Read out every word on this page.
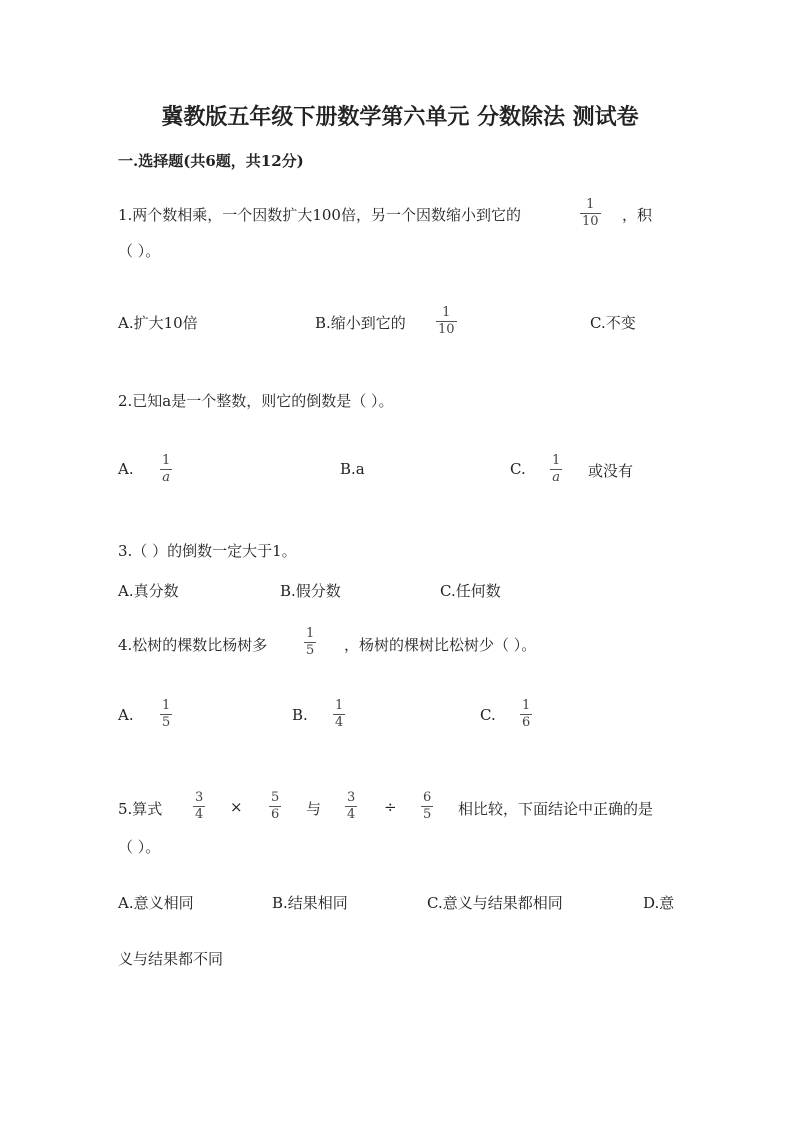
冀教版五年级下册数学第六单元 分数除法 测试卷
一.选择题(共6题，共12分)
1.两个数相乘，一个因数扩大100倍，另一个因数缩小到它的
1
10 ，积
（ ）。
A.扩大10倍	B.缩小到它的
1
10	C.不变
2.已知a是一个整数，则它的倒数是（ ）。
A. 1
a	B.a	C. 1
a 或没有
3.（ ）的倒数一定大于1。
A.真分数	B.假分数	C.任何数
4.松树的棵数比杨树多
1
5 ，杨树的棵树比松树少（ ）。
A.
1
5	B.
1
4	C.
1
6
5.算式
3
4 ×
5
6 与
3
4 ÷
6
5 相比较，下面结论中正确的是
（ ）。
A.意义相同	B.结果相同	C.意义与结果都相同	D.意
义与结果都不同
